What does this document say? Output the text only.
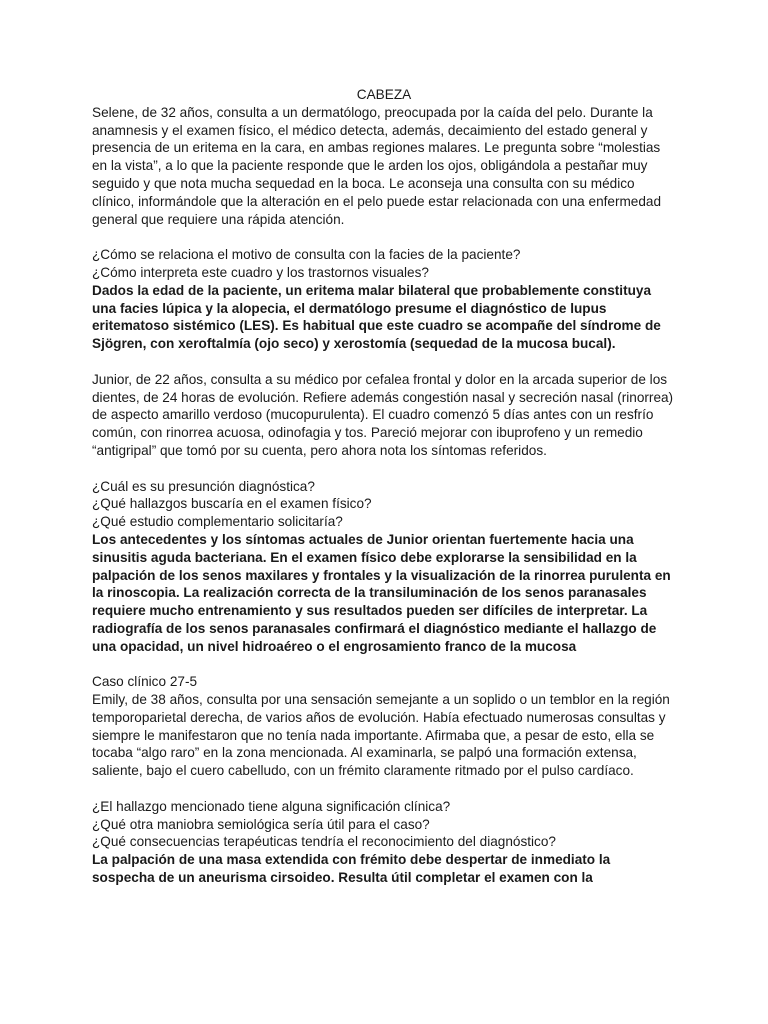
CABEZA

Selene, de 32 años, consulta a un dermatólogo, preocupada por la caída del pelo. Durante la anamnesis y el examen físico, el médico detecta, además, decaimiento del estado general y presencia de un eritema en la cara, en ambas regiones malares. Le pregunta sobre “molestias en la vista”, a lo que la paciente responde que le arden los ojos, obligándola a pestañar muy seguido y que nota mucha sequedad en la boca. Le aconseja una consulta con su médico clínico, informándole que la alteración en el pelo puede estar relacionada con una enfermedad general que requiere una rápida atención.

¿Cómo se relaciona el motivo de consulta con la facies de la paciente?

¿Cómo interpreta este cuadro y los trastornos visuales?

Dados la edad de la paciente, un eritema malar bilateral que probablemente constituya una facies lúpica y la alopecia, el dermatólogo presume el diagnóstico de lupus eritematoso sistémico (LES). Es habitual que este cuadro se acompañe del síndrome de Sjögren, con xeroftalmía (ojo seco) y xerostomía (sequedad de la mucosa bucal).

Junior, de 22 años, consulta a su médico por cefalea frontal y dolor en la arcada superior de los dientes, de 24 horas de evolución. Refiere además congestión nasal y secreción nasal (rinorrea) de aspecto amarillo verdoso (mucopurulenta). El cuadro comenzó 5 días antes con un resfrío común, con rinorrea acuosa, odinofagia y tos. Pareció mejorar con ibuprofeno y un remedio “antigripal” que tomó por su cuenta, pero ahora nota los síntomas referidos.

¿Cuál es su presunción diagnóstica?

¿Qué hallazgos buscaría en el examen físico?

¿Qué estudio complementario solicitaría?

Los antecedentes y los síntomas actuales de Junior orientan fuertemente hacia una sinusitis aguda bacteriana. En el examen físico debe explorarse la sensibilidad en la palpación de los senos maxilares y frontales y la visualización de la rinorrea purulenta en la rinoscopia. La realización correcta de la transiluminación de los senos paranasales requiere mucho entrenamiento y sus resultados pueden ser difíciles de interpretar. La radiografía de los senos paranasales confirmará el diagnóstico mediante el hallazgo de una opacidad, un nivel hidroaéreo o el engrosamiento franco de la mucosa

Caso clínico 27-5

Emily, de 38 años, consulta por una sensación semejante a un soplido o un temblor en la región temporoparietal derecha, de varios años de evolución. Había efectuado numerosas consultas y siempre le manifestaron que no tenía nada importante. Afirmaba que, a pesar de esto, ella se tocaba “algo raro” en la zona mencionada. Al examinarla, se palpó una formación extensa, saliente, bajo el cuero cabelludo, con un frémito claramente ritmado por el pulso cardíaco.

¿El hallazgo mencionado tiene alguna significación clínica?

¿Qué otra maniobra semiológica sería útil para el caso?

¿Qué consecuencias terapéuticas tendría el reconocimiento del diagnóstico?

La palpación de una masa extendida con frémito debe despertar de inmediato la sospecha de un aneurisma cirsoideo. Resulta útil completar el examen con la
